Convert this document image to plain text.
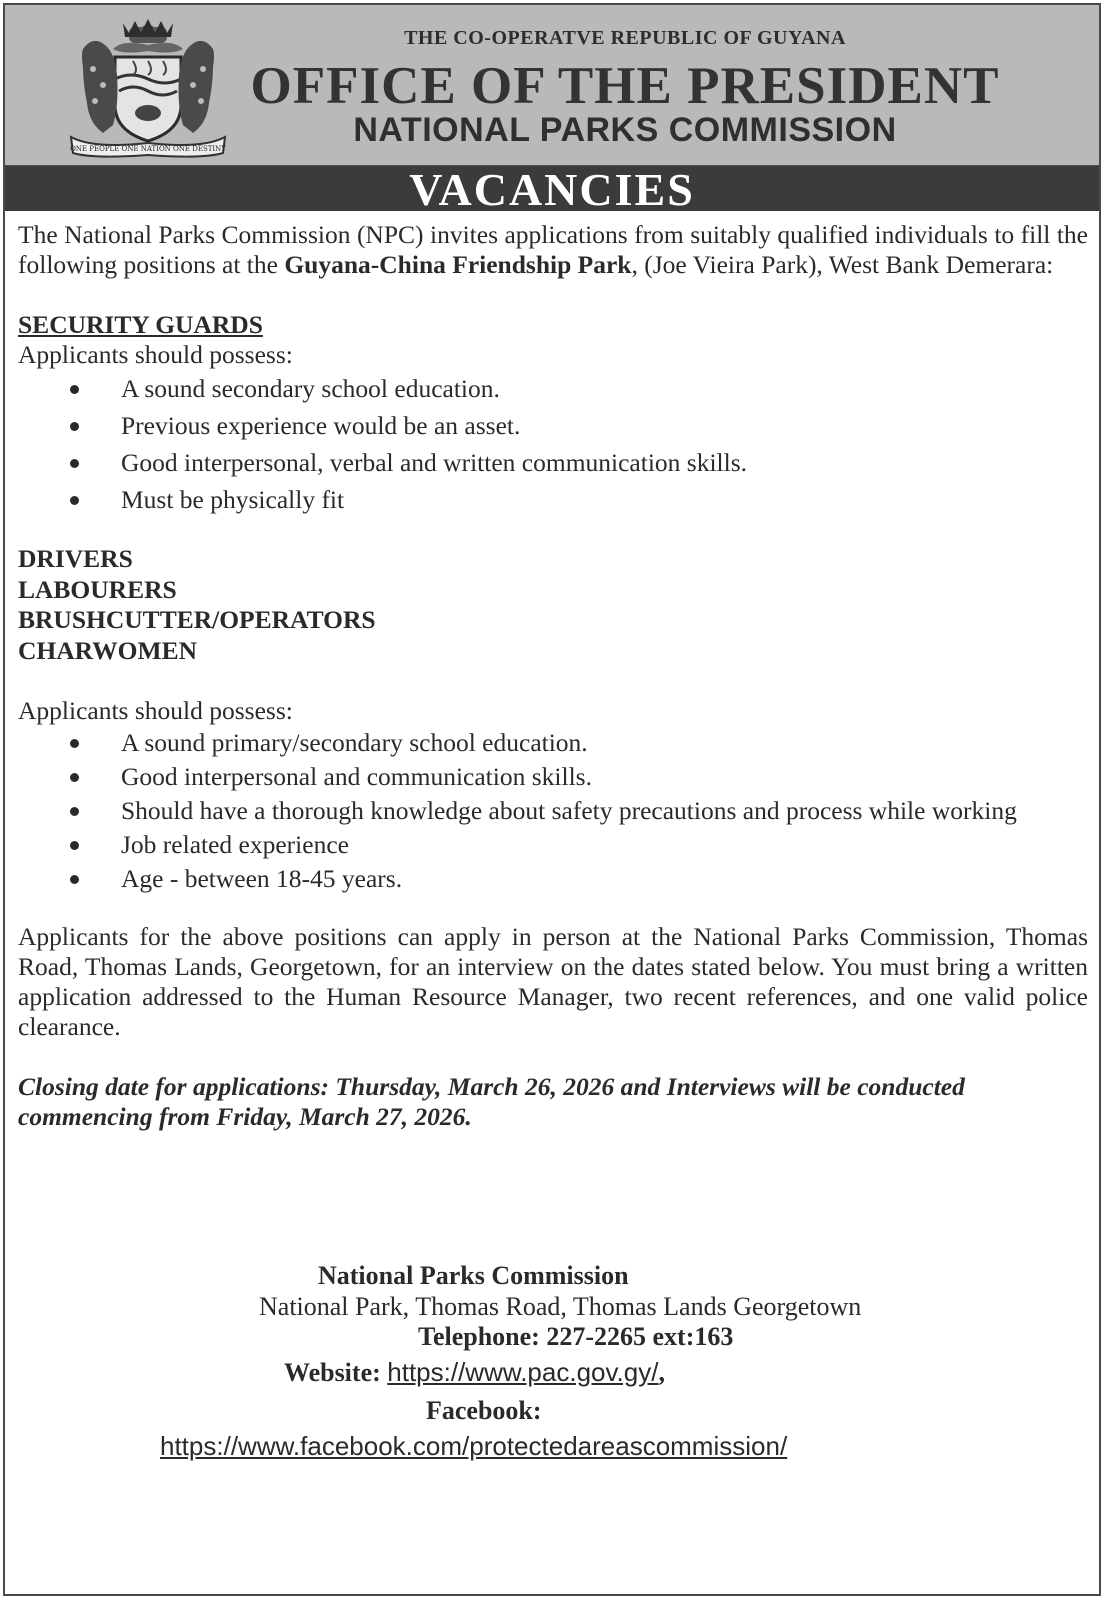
ONE PEOPLE ONE NATION ONE DESTINY
THE CO-OPERATVE REPUBLIC OF GUYANA
OFFICE OF THE PRESIDENT
NATIONAL PARKS COMMISSION
VACANCIES

The National Parks Commission (NPC) invites applications from suitably qualified individuals to fill the following positions at the Guyana-China Friendship Park, (Joe Vieira Park), West Bank Demerara:

SECURITY GUARDS

Applicants should possess:

A sound secondary school education.
Previous experience would be an asset.
Good interpersonal, verbal and written communication skills.
Must be physically fit
DRIVERS
LABOURERS
BRUSHCUTTER/OPERATORS
CHARWOMEN

Applicants should possess:

A sound primary/secondary school education.
Good interpersonal and communication skills.
Should have a thorough knowledge about safety precautions and process while working
Job related experience
Age - between 18-45 years.

Applicants for the above positions can apply in person at the National Parks Commission, Thomas Road, Thomas Lands, Georgetown, for an interview on the dates stated below. You must bring a written application addressed to the Human Resource Manager, two recent references, and one valid police clearance.

Closing date for applications: Thursday, March 26, 2026 and Interviews will be conducted commencing from Friday, March 27, 2026.
National Parks Commission
National Park, Thomas Road, Thomas Lands Georgetown
Telephone: 227-2265 ext:163
Website: https://www.pac.gov.gy/,
Facebook:
https://www.facebook.com/protectedareascommission/
